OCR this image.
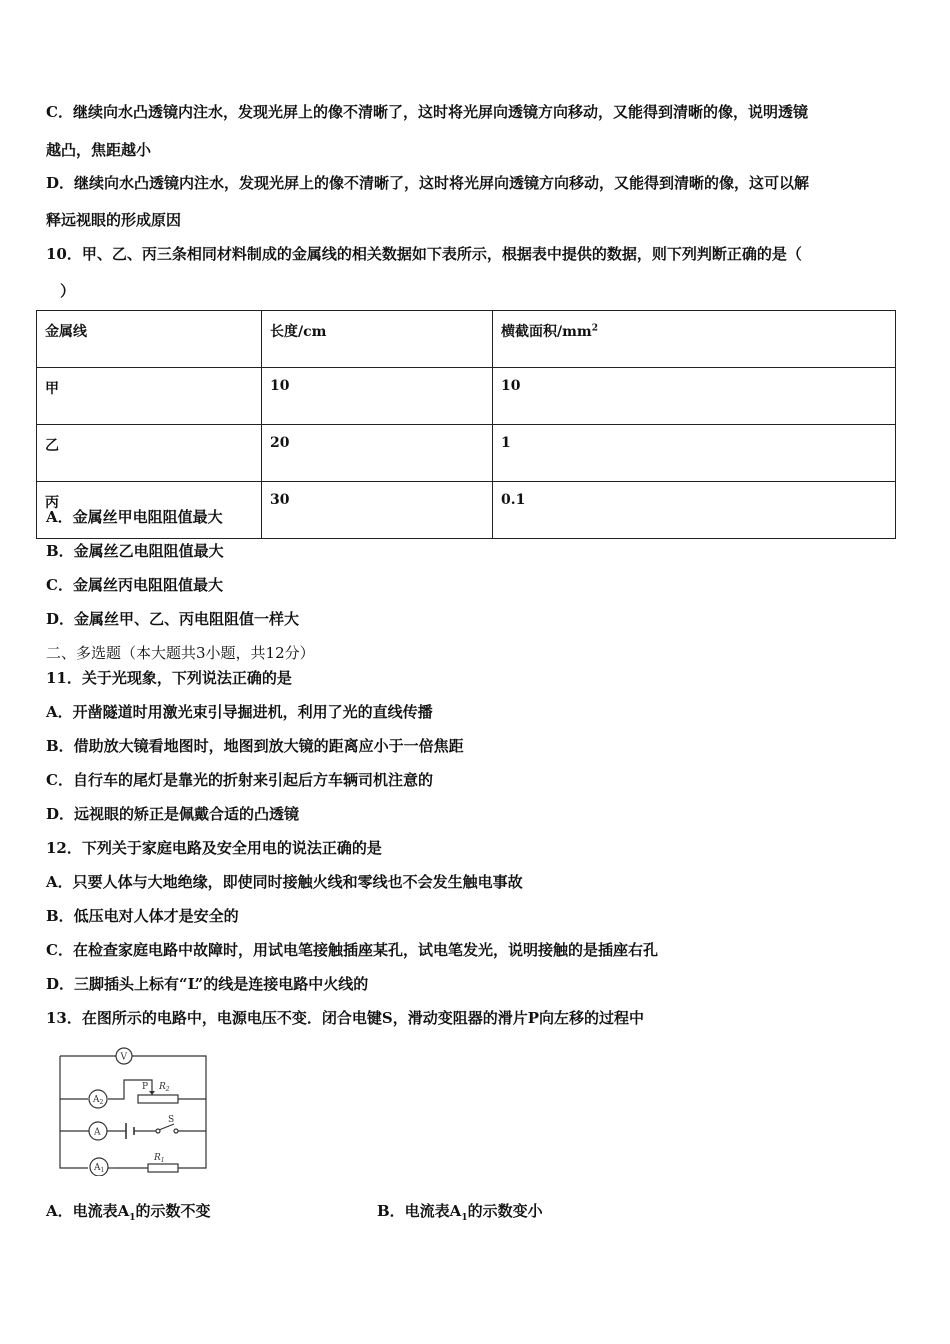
C．继续向水凸透镜内注水，发现光屏上的像不清晰了，这时将光屏向透镜方向移动，又能得到清晰的像，说明透镜
越凸，焦距越小
D．继续向水凸透镜内注水，发现光屏上的像不清晰了，这时将光屏向透镜方向移动，又能得到清晰的像，这可以解
释远视眼的形成原因
10．甲、乙、丙三条相同材料制成的金属线的相关数据如下表所示，根据表中提供的数据，则下列判断正确的是（
）
金属线	长度/cm	横截面积$/mm^2$
甲	10	10
乙	20	1
丙	30	0.1
A．金属丝甲电阻阻值最大
B．金属丝乙电阻阻值最大
C．金属丝丙电阻阻值最大
D．金属丝甲、乙、丙电阻阻值一样大
二、多选题（本大题共3小题，共12分）
11．关于光现象，下列说法正确的是
A．开凿隧道时用激光束引导掘进机，利用了光的直线传播
B．借助放大镜看地图时，地图到放大镜的距离应小于一倍焦距
C．自行车的尾灯是靠光的折射来引起后方车辆司机注意的
D．远视眼的矫正是佩戴合适的凸透镜
12．下列关于家庭电路及安全用电的说法正确的是
A．只要人体与大地绝缘，即使同时接触火线和零线也不会发生触电事故
B．低压电对人体才是安全的
C．在检查家庭电路中故障时，用试电笔接触插座某孔，试电笔发光，说明接触的是插座右孔
D．三脚插头上标有“L”的线是连接电路中火线的
13．在图所示的电路中，电源电压不变．闭合电键S，滑动变阻器的滑片P向左移的过程中
V
$A_2$
P $R_2$
A
S
$A_1$
$R_1$
A．电流表$A_1$的示数不变	B．电流表$A_1$的示数变小
